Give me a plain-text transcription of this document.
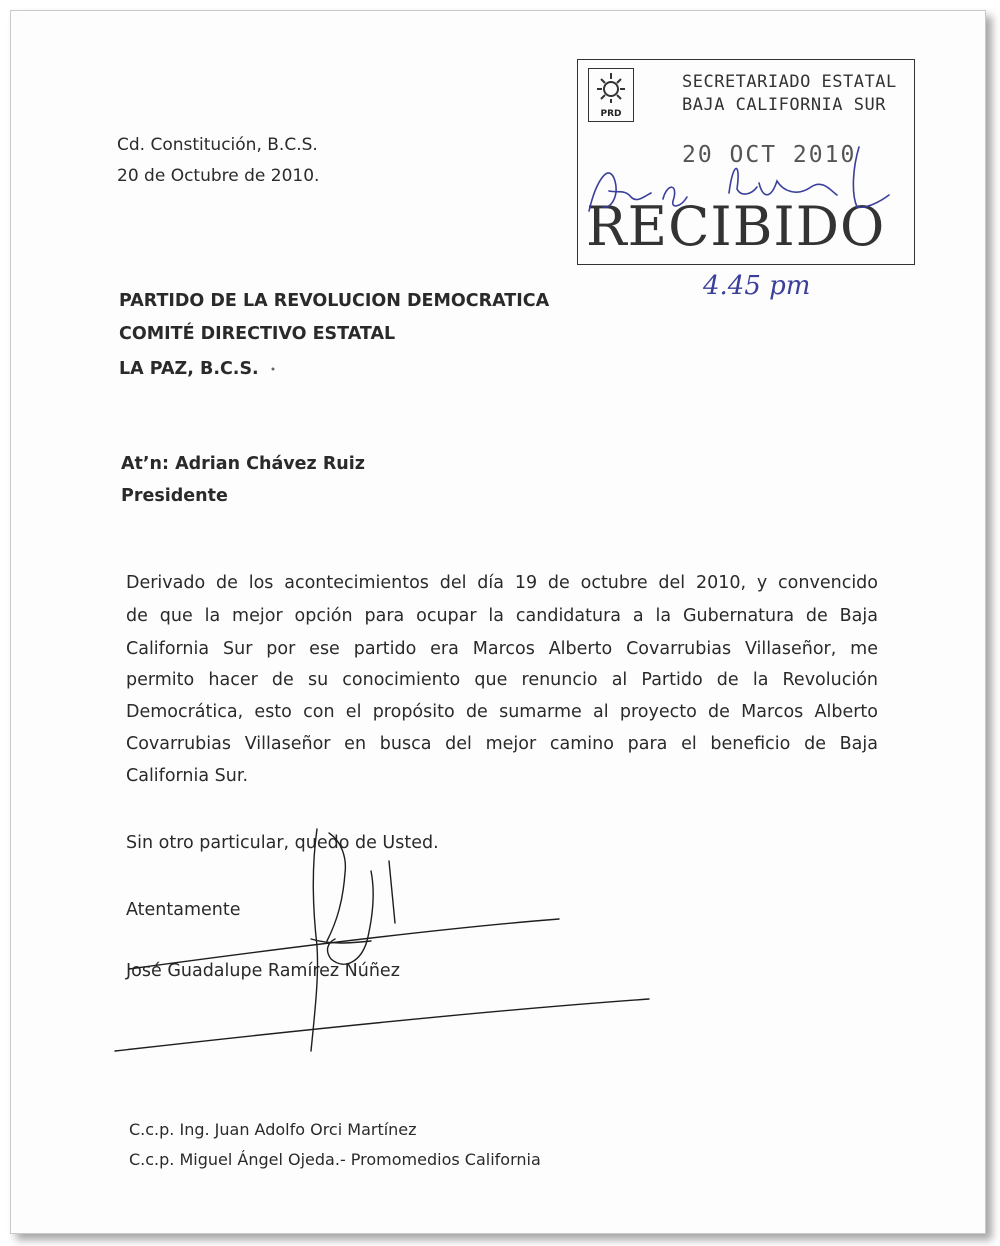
Cd. Constitución, B.C.S.
20 de Octubre de 2010.
PRD
SECRETARIADO ESTATAL
BAJA CALIFORNIA SUR
20 OCT 2010
RECIBIDO
PARTIDO DE LA REVOLUCION DEMOCRATICA
COMITÉ DIRECTIVO ESTATAL
LA PAZ, B.C.S.
At’n: Adrian Chávez Ruiz
Presidente
Derivado de los acontecimientos del día 19 de octubre del 2010, y convencido
de que la mejor opción para ocupar la candidatura a la Gubernatura de Baja
California Sur por ese partido era Marcos Alberto Covarrubias Villaseñor, me
permito hacer de su conocimiento que renuncio al Partido de la Revolución
Democrática, esto con el propósito de sumarme al proyecto de Marcos Alberto
Covarrubias Villaseñor en busca del mejor camino para el beneficio de Baja
California Sur.
Sin otro particular, quedo de Usted.
Atentamente
José Guadalupe Ramírez Núñez
C.c.p. Ing. Juan Adolfo Orci Martínez
C.c.p. Miguel Ángel Ojeda.- Promomedios California
4.45 pm
